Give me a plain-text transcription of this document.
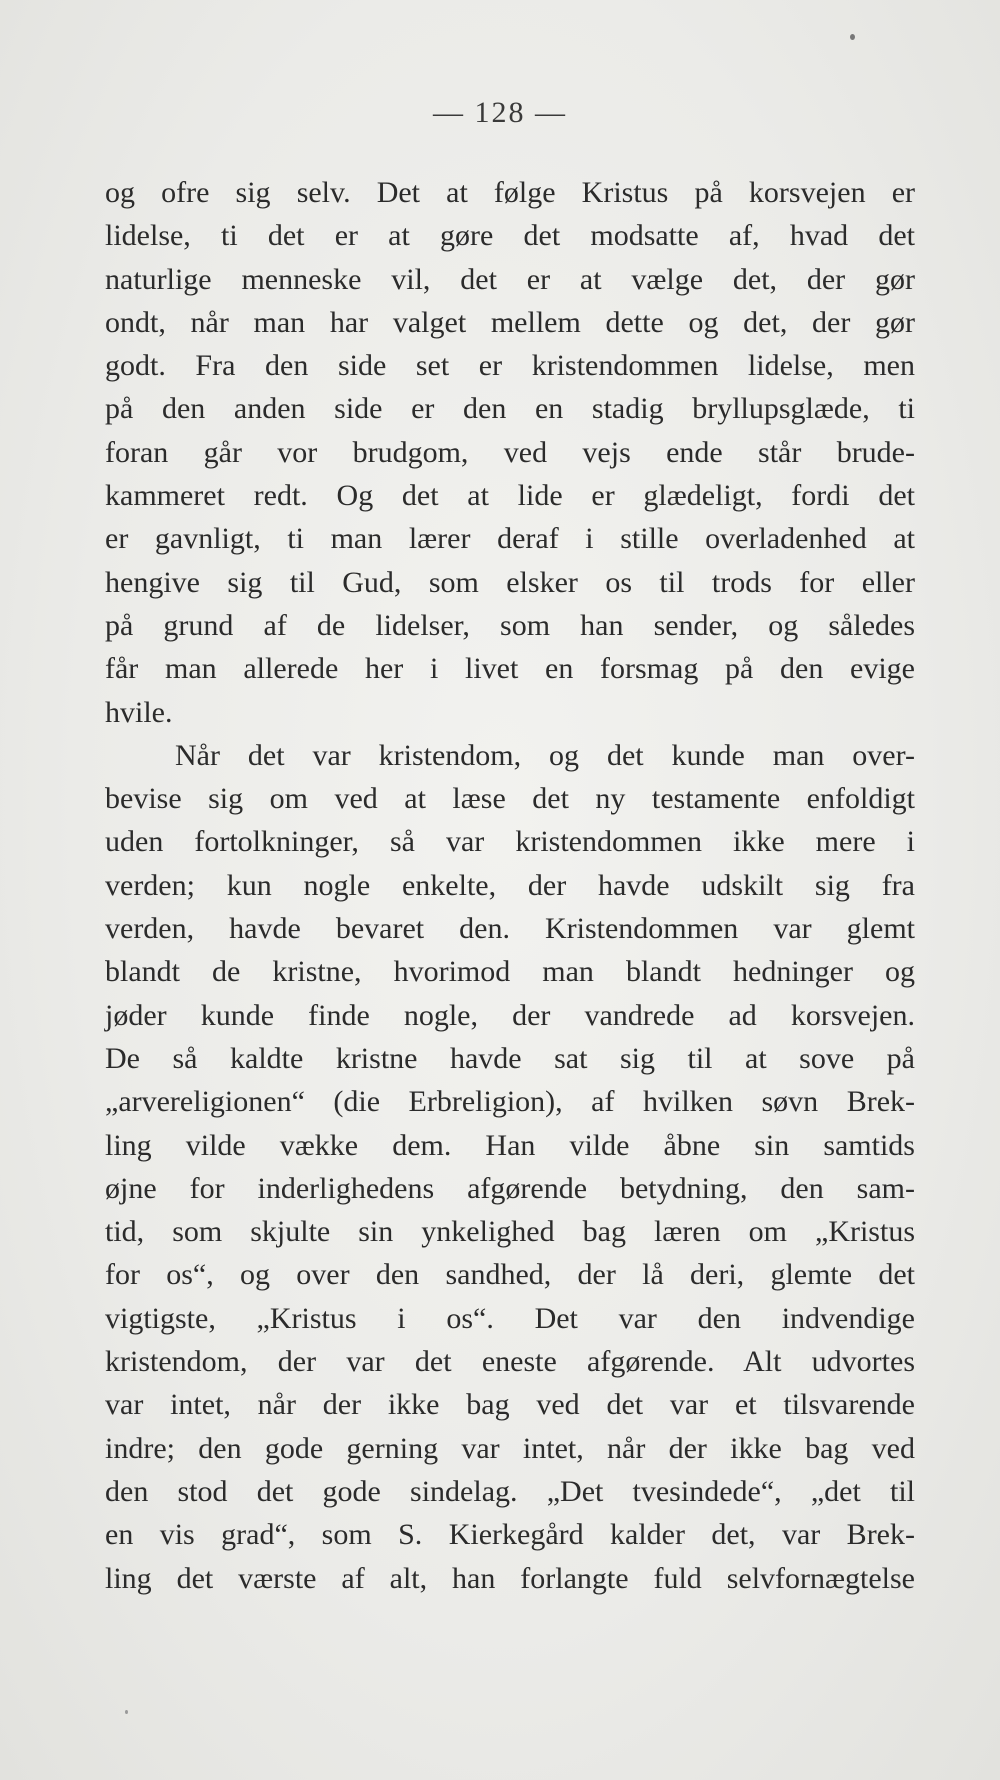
— 128 —
og ofre sig selv. Det at følge Kristus på korsvejen er
lidelse, ti det er at gøre det modsatte af, hvad det
naturlige menneske vil, det er at vælge det, der gør
ondt, når man har valget mellem dette og det, der gør
godt. Fra den side set er kristendommen lidelse, men
på den anden side er den en stadig bryllupsglæde, ti
foran går vor brudgom, ved vejs ende står brude-
kammeret redt. Og det at lide er glædeligt, fordi det
er gavnligt, ti man lærer deraf i stille overladenhed at
hengive sig til Gud, som elsker os til trods for eller
på grund af de lidelser, som han sender, og således
får man allerede her i livet en forsmag på den evige
hvile.
Når det var kristendom, og det kunde man over-
bevise sig om ved at læse det ny testamente enfoldigt
uden fortolkninger, så var kristendommen ikke mere i
verden; kun nogle enkelte, der havde udskilt sig fra
verden, havde bevaret den. Kristendommen var glemt
blandt de kristne, hvorimod man blandt hedninger og
jøder kunde finde nogle, der vandrede ad korsvejen.
De så kaldte kristne havde sat sig til at sove på
„arvereligionen“ (die Erbreligion), af hvilken søvn Brek-
ling vilde vække dem. Han vilde åbne sin samtids
øjne for inderlighedens afgørende betydning, den sam-
tid, som skjulte sin ynkelighed bag læren om „Kristus
for os“, og over den sandhed, der lå deri, glemte det
vigtigste, „Kristus i os“. Det var den indvendige
kristendom, der var det eneste afgørende. Alt udvortes
var intet, når der ikke bag ved det var et tilsvarende
indre; den gode gerning var intet, når der ikke bag ved
den stod det gode sindelag. „Det tvesindede“, „det til
en vis grad“, som S. Kierkegård kalder det, var Brek-
ling det værste af alt, han forlangte fuld selvfornægtelse
